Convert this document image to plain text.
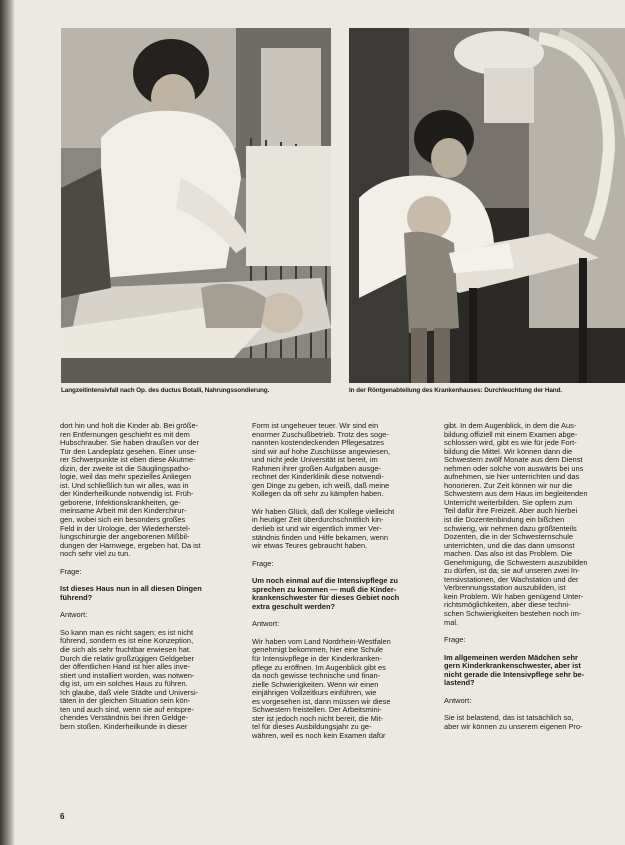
Langzeitintensivfall nach Op. des ductus Botalli, Nahrungssondierung.	In der Röntgenabteilung des Krankenhauses: Durchleuchtung der Hand.

dort hin und holt die Kinder ab. Bei größe-

ren Entfernungen geschieht es mit dem

Hubschrauber. Sie haben draußen vor der

Tür den Landeplatz gesehen. Einer unse-

rer Schwerpunkte ist eben diese Akutme-

dizin, der zweite ist die Säuglingspatho-

logie, weil das mehr spezielles Anliegen

ist. Und schließlich tun wir alles, was in

der Kinderheilkunde notwendig ist. Früh-

geborene, Infektionskrankheiten, ge-

meinsame Arbeit mit den Kinderchirur-

gen, wobei sich ein besonders großes

Feld in der Urologie, der Wiederherstel-

lungschirurgie der angeborenen Mißbil-

dungen der Harnwege, ergeben hat. Da ist

noch sehr viel zu tun.

Frage:

Ist dieses Haus nun in all diesen Dingen

führend?

Antwort:

So kann man es nicht sagen; es ist nicht

führend, sondern es ist eine Konzeption,

die sich als sehr fruchtbar erwiesen hat.

Durch die relativ großzügigen Geldgeber

der öffentlichen Hand ist hier alles inve-

stiert und installiert worden, was notwen-

dig ist, um ein solches Haus zu führen.

Ich glaube, daß viele Städte und Universi-

täten in der gleichen Situation sein kön-

ten und auch sind, wenn sie auf entspre-

chendes Verständnis bei ihren Geldge-

bern stoßen. Kinderheilkunde in dieser

Form ist ungeheuer teuer. Wir sind ein

enormer Zuschußbetrieb. Trotz des soge-

nannten kostendeckenden Pflegesatzes

sind wir auf hohe Zuschüsse angewiesen,

und nicht jede Universität ist bereit, im

Rahmen ihrer großen Aufgaben ausge-

rechnet der Kinderklinik diese notwendi-

gen Dinge zu geben, ich weiß, daß meine

Kollegen da oft sehr zu kämpfen haben.

Wir haben Glück, daß der Kollege vielleicht

in heutiger Zeit überdurchschnittlich kin-

derlieb ist und wir eigentlich immer Ver-

ständnis finden und Hilfe bekamen, wenn

wir etwas Teures gebraucht haben.

Frage:

Um noch einmal auf die Intensivpflege zu

sprechen zu kommen — muß die Kinder-

krankenschwester für dieses Gebiet noch

extra geschult werden?

Antwort:

Wir haben vom Land Nordrhein-Westfalen

genehmigt bekommen, hier eine Schule

für Intensivpflege in der Kinderkranken-

pflege zu eröffnen. Im Augenblick gibt es

da noch gewisse technische und finan-

zielle Schwierigkeiten. Wenn wir einen

einjährigen Vollzeitkurs einführen, wie

es vorgesehen ist, dann müssen wir diese

Schwestern freistellen. Der Arbeitsmini-

ster ist jedoch noch nicht bereit, die Mit-

tel für dieses Ausbildungsjahr zu ge-

währen, weil es noch kein Examen dafür

gibt. In dem Augenblick, in dem die Aus-

bildung offiziell mit einem Examen abge-

schlossen wird, gibt es wie für jede Fort-

bildung die Mittel. Wir können dann die

Schwestern zwölf Monate aus dem Dienst

nehmen oder solche von auswärts bei uns

aufnehmen, sie hier unterrichten und das

honorieren. Zur Zeit können wir nur die

Schwestern aus dem Haus im begleitenden

Unterricht weiterbilden. Sie opfern zum

Teil dafür ihre Freizeit. Aber auch hierbei

ist die Dozentenbindung ein bißchen

schwierig, wir nehmen dazu größtenteils

Dozenten, die in der Schwesternschule

unterrichten, und die das dann umsonst

machen. Das also ist das Problem. Die

Genehmigung, die Schwestern auszubilden

zu dürfen, ist da; sie auf unseren zwei In-

tensivstationen, der Wachstation und der

Verbrennungsstation auszubilden, ist

kein Problem. Wir haben genügend Unter-

richtsmöglichkeiten, aber diese techni-

schen Schwierigkeiten bestehen noch im-

mal.

Frage:

Im allgemeinen werden Mädchen sehr

gern Kinderkrankenschwester, aber ist

nicht gerade die Intensivpflege sehr be-

lastend?

Antwort:

Sie ist belastend, das ist tatsächlich so,

aber wir können zu unserem eigenen Pro-

6
